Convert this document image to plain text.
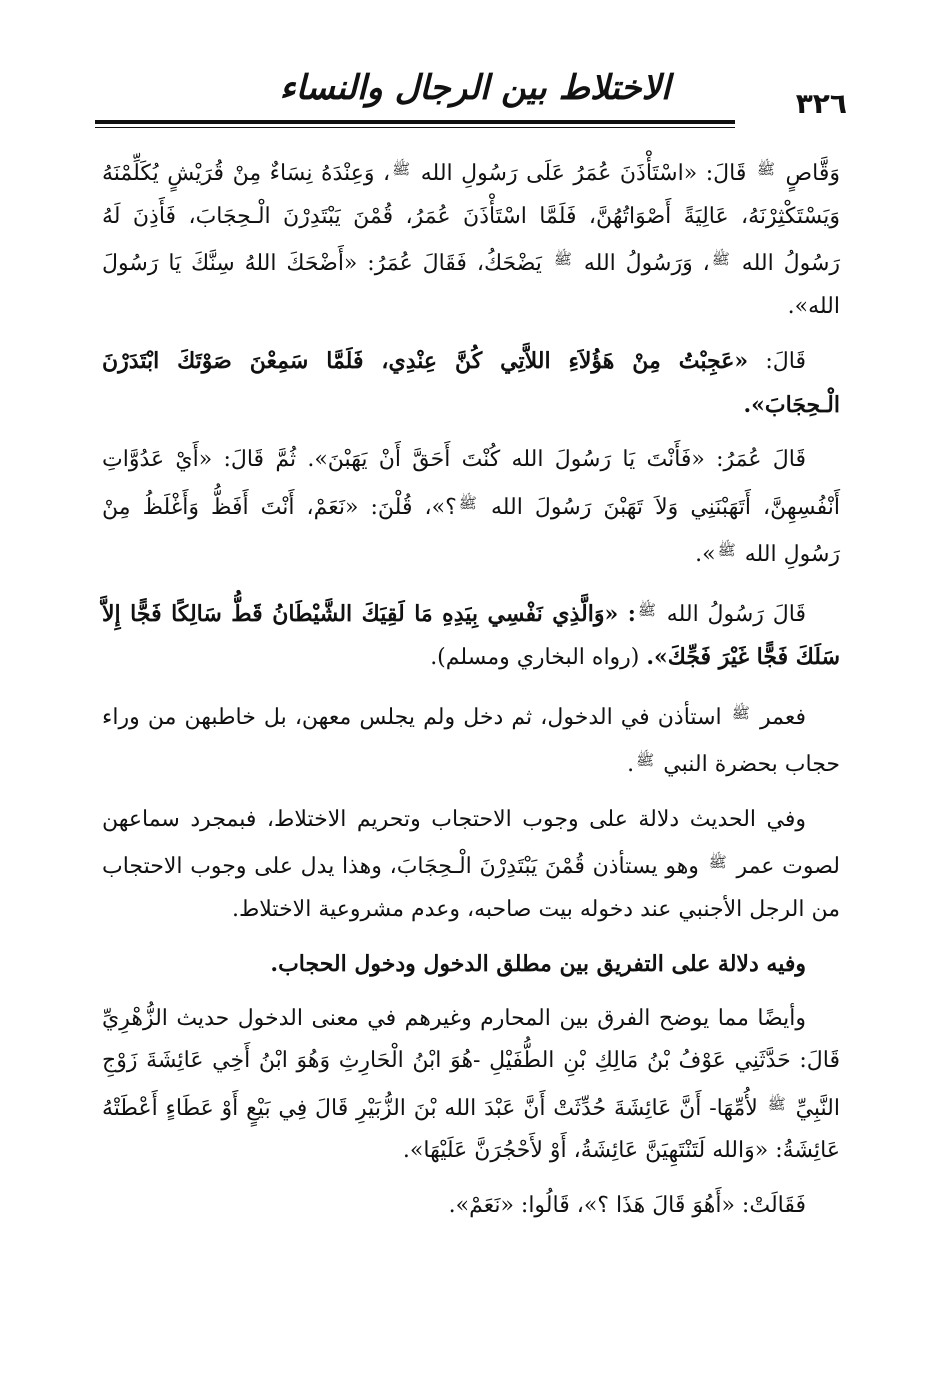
الاختلاط بين الرجال والنساء	٣٢٦

وَقَّاصٍ $^ﷺ$ قَالَ: «اسْتَأْذَنَ عُمَرُ عَلَى رَسُولِ الله $^ﷺ$، وَعِنْدَهُ نِسَاءٌ مِنْ قُرَيْشٍ يُكَلِّمْنَهُ وَيَسْتَكْثِرْنَهُ، عَالِيَةً أَصْوَاتُهُنَّ، فَلَمَّا اسْتَأْذَنَ عُمَرُ، قُمْنَ يَبْتَدِرْنَ الْـحِجَابَ، فَأَذِنَ لَهُ رَسُولُ الله $^ﷺ$، وَرَسُولُ الله $^ﷺ$ يَضْحَكُ، فَقَالَ عُمَرُ: «أَضْحَكَ اللهُ سِنَّكَ يَا رَسُولَ الله».

قَالَ: «عَجِبْتُ مِنْ هَؤُلاَءِ اللاَّتِي كُنَّ عِنْدِي، فَلَمَّا سَمِعْنَ صَوْتَكَ ابْتَدَرْنَ الْـحِجَابَ».

قَالَ عُمَرُ: «فَأَنْتَ يَا رَسُولَ الله كُنْتَ أَحَقَّ أَنْ يَهَبْنَ». ثُمَّ قَالَ: «أَيْ عَدُوَّاتِ أَنْفُسِهِنَّ، أَتَهَبْنَنِي وَلاَ تَهَبْنَ رَسُولَ الله $^ﷺ$؟»، قُلْنَ: «نَعَمْ، أَنْتَ أَفَظُّ وَأَغْلَظُ مِنْ رَسُولِ الله $^ﷺ$».

قَالَ رَسُولُ الله $^ﷺ$: «وَالَّذِي نَفْسِي بِيَدِهِ مَا لَقِيَكَ الشَّيْطَانُ قَطُّ سَالِكًا فَجًّا إِلاَّ سَلَكَ فَجًّا غَيْرَ فَجِّكَ». (رواه البخاري ومسلم).

فعمر $^ﷺ$ استأذن في الدخول، ثم دخل ولم يجلس معهن، بل خاطبهن من وراء حجاب بحضرة النبي $^ﷺ$.

وفي الحديث دلالة على وجوب الاحتجاب وتحريم الاختلاط، فبمجرد سماعهن لصوت عمر $^ﷺ$ وهو يستأذن قُمْنَ يَبْتَدِرْنَ الْـحِجَابَ، وهذا يدل على وجوب الاحتجاب من الرجل الأجنبي عند دخوله بيت صاحبه، وعدم مشروعية الاختلاط.

وفيه دلالة على التفريق بين مطلق الدخول ودخول الحجاب.

وأيضًا مما يوضح الفرق بين المحارم وغيرهم في معنى الدخول حديث الزُّهْرِيِّ قَالَ: حَدَّثَنِي عَوْفُ بْنُ مَالِكِ بْنِ الطُّفَيْلِ -هُوَ ابْنُ الْحَارِثِ وَهُوَ ابْنُ أَخِي عَائِشَةَ زَوْجِ النَّبِيِّ $^ﷺ$ لأُمِّهَا- أَنَّ عَائِشَةَ حُدِّثَتْ أَنَّ عَبْدَ الله بْنَ الزُّبَيْرِ قَالَ فِي بَيْعٍ أَوْ عَطَاءٍ أَعْطَتْهُ عَائِشَةُ: «وَالله لَتَنْتَهِيَنَّ عَائِشَةُ، أَوْ لأَحْجُرَنَّ عَلَيْهَا».

فَقَالَتْ: «أَهُوَ قَالَ هَذَا ؟»، قَالُوا: «نَعَمْ».
